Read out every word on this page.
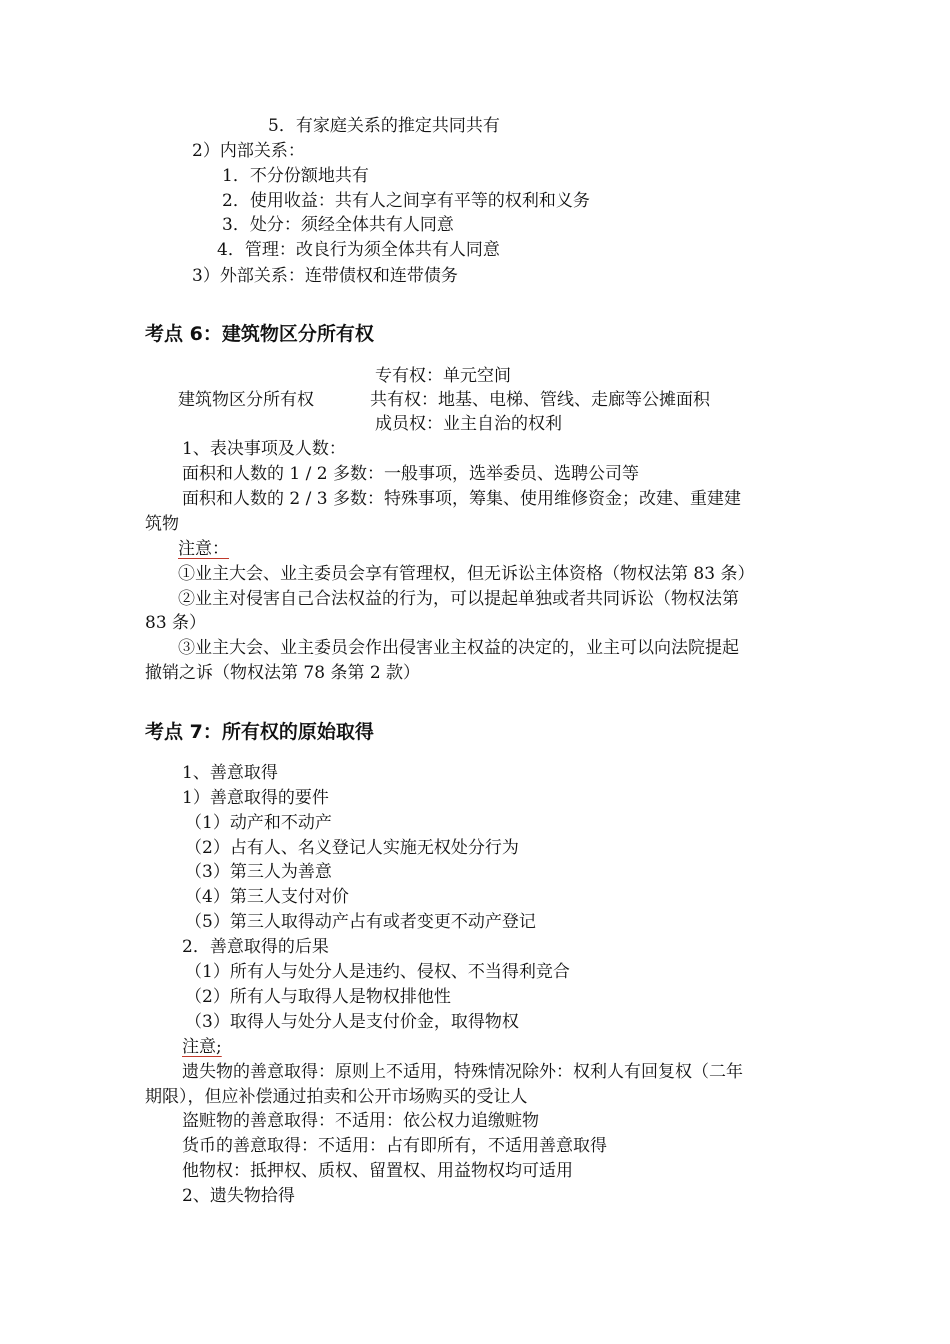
5．有家庭关系的推定共同共有

2）内部关系：

1．不分份额地共有

2．使用收益：共有人之间享有平等的权利和义务

3．处分：须经全体共有人同意

4．管理：改良行为须全体共有人同意

3）外部关系：连带债权和连带债务

考点 6：建筑物区分所有权

专有权：单元空间

建筑物区分所有权	共有权：地基、电梯、管线、走廊等公摊面积

成员权：业主自治的权利

1、表决事项及人数：

面积和人数的 1 / 2 多数：一般事项，选举委员、选聘公司等

面积和人数的 2 / 3 多数：特殊事项，筹集、使用维修资金；改建、重建建

筑物

注意：

①业主大会、业主委员会享有管理权，但无诉讼主体资格（物权法第 83 条）

②业主对侵害自己合法权益的行为，可以提起单独或者共同诉讼（物权法第

83 条）

③业主大会、业主委员会作出侵害业主权益的决定的，业主可以向法院提起

撤销之诉（物权法第 78 条第 2 款）

考点 7：所有权的原始取得

1、善意取得

1）善意取得的要件

（1）动产和不动产

（2）占有人、名义登记人实施无权处分行为

（3）第三人为善意

（4）第三人支付对价

（5）第三人取得动产占有或者变更不动产登记

2．善意取得的后果

（1）所有人与处分人是违约、侵权、不当得利竞合

（2）所有人与取得人是物权排他性

（3）取得人与处分人是支付价金，取得物权

注意;

遗失物的善意取得：原则上不适用，特殊情况除外：权利人有回复权（二年

期限），但应补偿通过拍卖和公开市场购买的受让人

盗赃物的善意取得：不适用：依公权力追缴赃物

货币的善意取得：不适用：占有即所有，不适用善意取得

他物权：抵押权、质权、留置权、用益物权均可适用

2、遗失物拾得
